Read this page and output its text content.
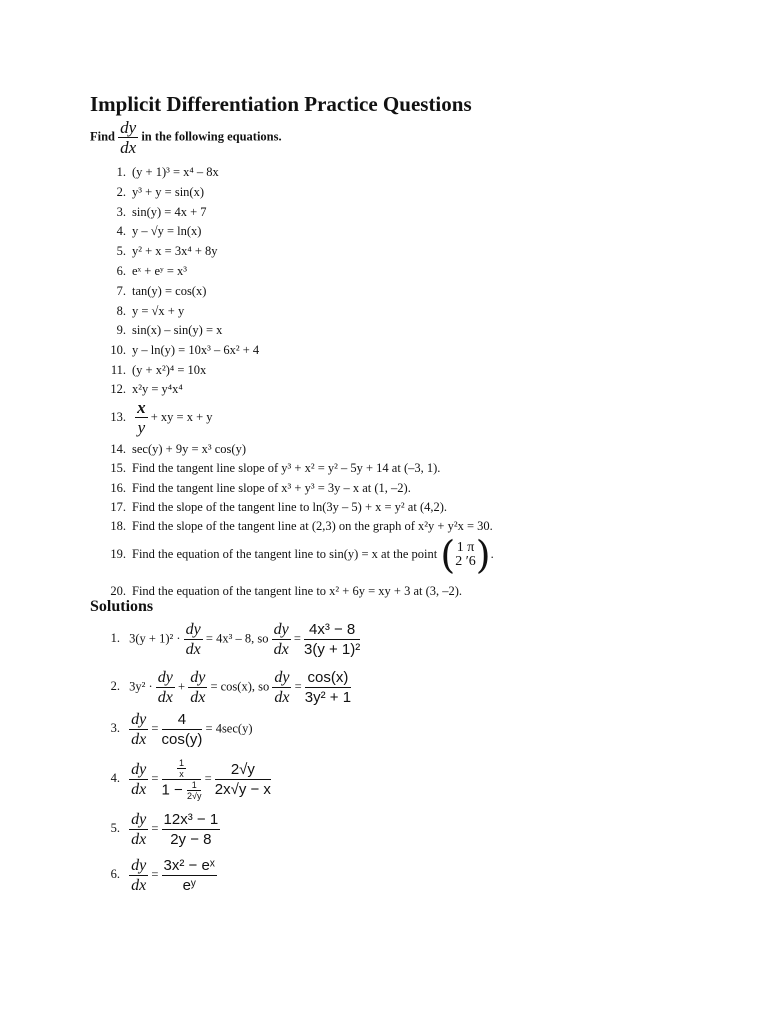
Implicit Differentiation Practice Questions
Find $\frac{dy}{dx}$ in the following equations.
1. (y + 1)³ = x⁴ – 8x
2. y³ + y = sin(x)
3. sin(y) = 4x + 7
4. y – √y = ln(x)
5. y² + x = 3x⁴ + 8y
6. eˣ + eʸ = x³
7. tan(y) = cos(x)
8. y = √x + y
9. sin(x) – sin(y) = x
10. y – ln(y) = 10x³ – 6x² + 4
11. (y + x²)⁴ = 10x
12. x²y = y⁴x⁴
13. $\frac{x}{y}$ + xy = x + y
14. sec(y) + 9y = x³ cos(y)
15. Find the tangent line slope of y³ + x² = y² – 5y + 14 at (–3, 1).
16. Find the tangent line slope of x³ + y³ = 3y – x at (1, –2).
17. Find the slope of the tangent line to ln(3y – 5) + x = y² at (4,2).
18. Find the slope of the tangent line at (2,3) on the graph of x²y + y²x = 30.
19. Find the equation of the tangent line to sin(y) = x at the point ( 1 π
2 ′6 ).
20. Find the equation of the tangent line to x² + 6y = xy + 3 at (3, –2).
Solutions
1. $3(y + 1)^2 \cdot \frac{dy}{dx} = 4x^3 - 8$, so $\frac{dy}{dx} = \frac{\text{4x³ − 8}}{\text{3(y + 1)²}}$
2. $3y^2 \cdot \frac{dy}{dx} + \frac{dy}{dx} = \cos(x)$, so $\frac{dy}{dx} = \frac{\cos(x)}{\text{3y² + 1}}$
3. $\frac{dy}{dx} = \frac{4}{\cos(y)} = 4\sec(y)$
4. $\frac{dy}{dx} = \frac{\frac{1}{x}}{1 - \frac{1}{2√y}} = \frac{2√y}{2x√y - x}$
5. $\frac{dy}{dx} = \frac{\text{12x³ − 1}}{2y - 8}$
6. $\frac{dy}{dx} = \frac{\text{3x² − eˣ}}{\text{eʸ}}$
